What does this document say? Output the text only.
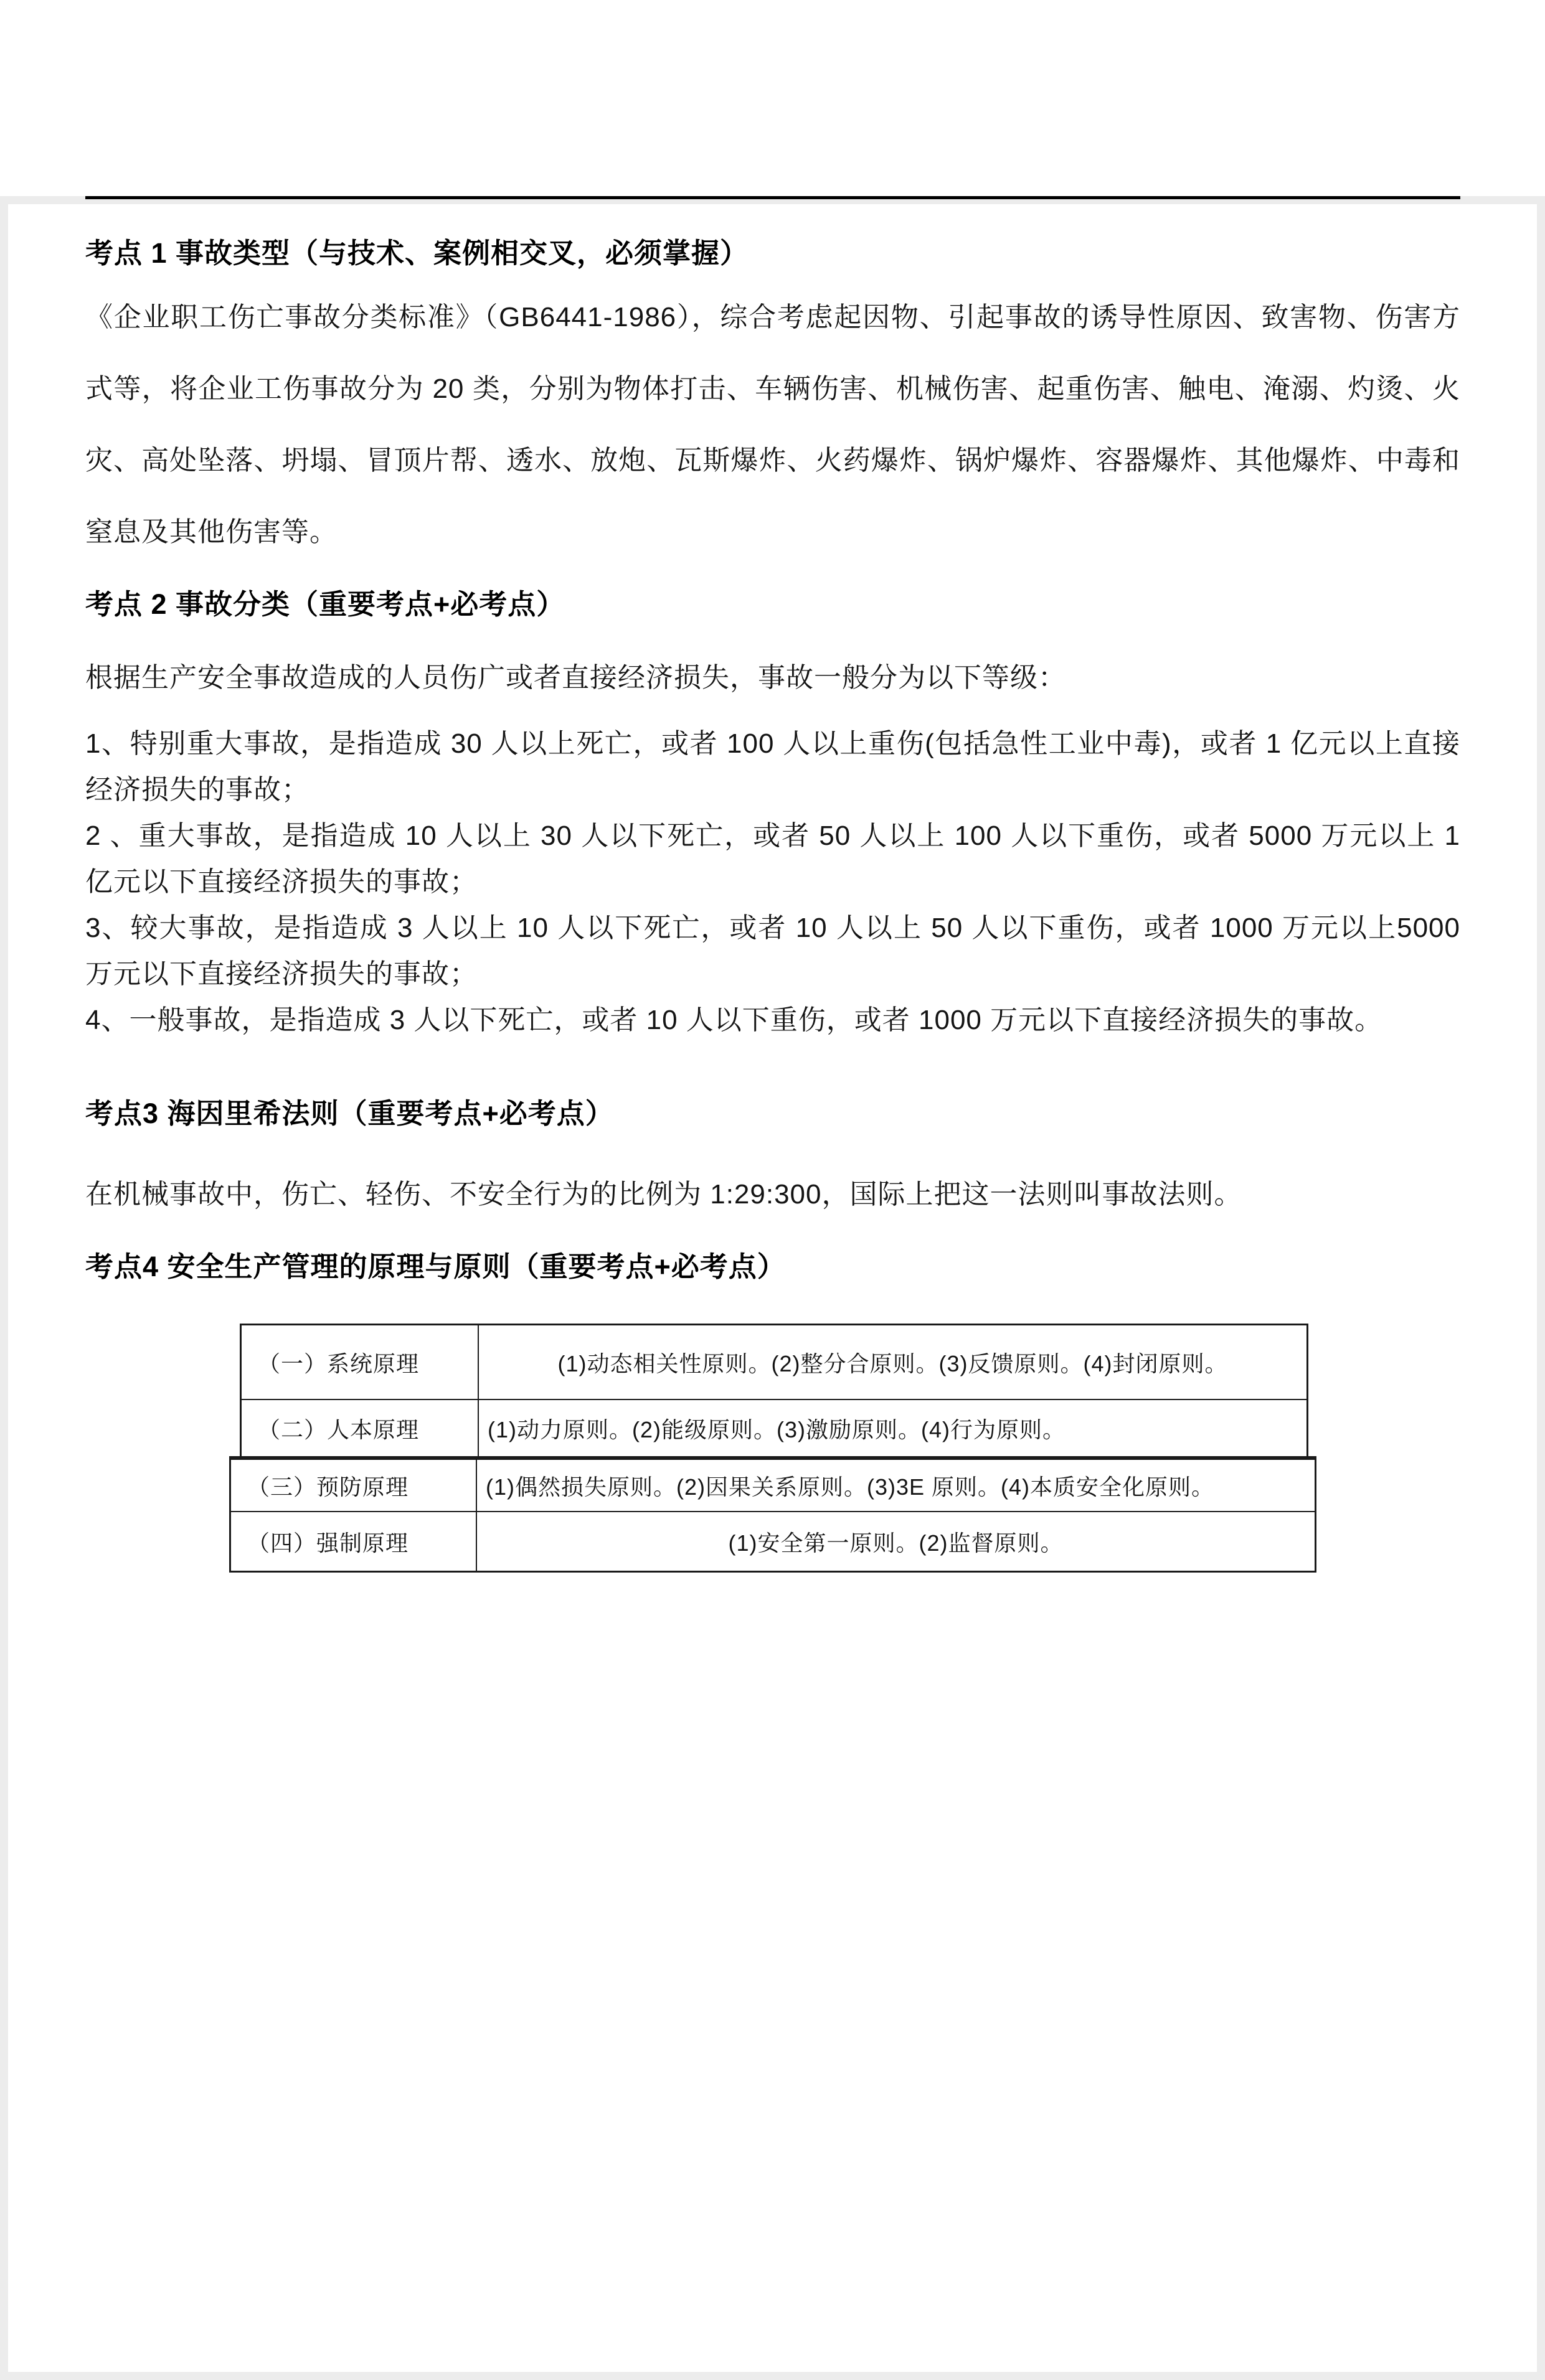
考点 1 事故类型（与技术、案例相交叉，必须掌握）

《企业职工伤亡事故分类标准》（GB6441-1986），综合考虑起因物、引起事故的诱导性原因、致害物、伤害方式等，将企业工伤事故分为 20 类，分别为物体打击、车辆伤害、机械伤害、起重伤害、触电、淹溺、灼烫、火灾、高处坠落、坍塌、冒顶片帮、透水、放炮、瓦斯爆炸、火药爆炸、锅炉爆炸、容器爆炸、其他爆炸、中毒和窒息及其他伤害等。

考点 2 事故分类（重要考点+必考点）

根据生产安全事故造成的人员伤广或者直接经济损失，事故一般分为以下等级：

1、特别重大事故，是指造成 30 人以上死亡，或者 100 人以上重伤(包括急性工业中毒)，或者 1 亿元以上直接经济损失的事故；

2 、重大事故，是指造成 10 人以上 30 人以下死亡，或者 50 人以上 100 人以下重伤，或者 5000 万元以上 1 亿元以下直接经济损失的事故；

3、较大事故，是指造成 3 人以上 10 人以下死亡，或者 10 人以上 50 人以下重伤，或者 1000 万元以上5000 万元以下直接经济损失的事故；

4、一般事故，是指造成 3 人以下死亡，或者 10 人以下重伤，或者 1000 万元以下直接经济损失的事故。

考点3 海因里希法则（重要考点+必考点）

在机械事故中，伤亡、轻伤、不安全行为的比例为 1:29:300，国际上把这一法则叫事故法则。

考点4 安全生产管理的原理与原则（重要考点+必考点）
（一）系统原理	(1)动态相关性原则。(2)整分合原则。(3)反馈原则。(4)封闭原则。
（二）人本原理	(1)动力原则。(2)能级原则。(3)激励原则。(4)行为原则。
（三）预防原理	(1)偶然损失原则。(2)因果关系原则。(3)3E 原则。(4)本质安全化原则。
（四）强制原理	(1)安全第一原则。(2)监督原则。
